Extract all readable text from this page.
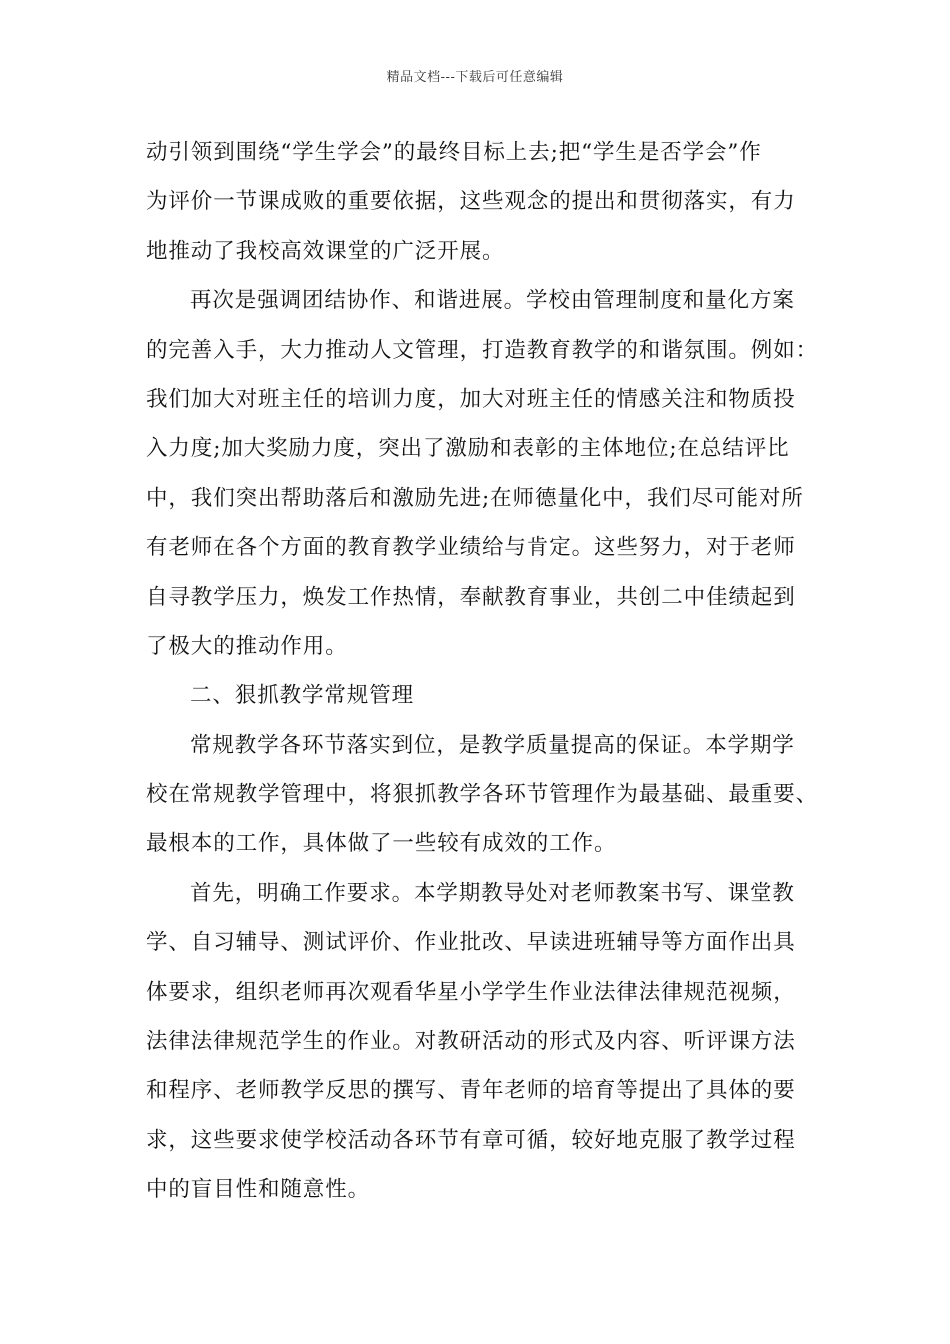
精品文档---下载后可任意编辑
动引领到围绕“学生学会”的最终目标上去;把“学生是否学会”作
为评价一节课成败的重要依据，这些观念的提出和贯彻落实，有力
地推动了我校高效课堂的广泛开展。
再次是强调团结协作、和谐进展。学校由管理制度和量化方案
的完善入手，大力推动人文管理，打造教育教学的和谐氛围。例如：
我们加大对班主任的培训力度，加大对班主任的情感关注和物质投
入力度;加大奖励力度，突出了激励和表彰的主体地位;在总结评比
中，我们突出帮助落后和激励先进;在师德量化中，我们尽可能对所
有老师在各个方面的教育教学业绩给与肯定。这些努力，对于老师
自寻教学压力，焕发工作热情，奉献教育事业，共创二中佳绩起到
了极大的推动作用。
二、狠抓教学常规管理
常规教学各环节落实到位，是教学质量提高的保证。本学期学
校在常规教学管理中，将狠抓教学各环节管理作为最基础、最重要、
最根本的工作，具体做了一些较有成效的工作。
首先，明确工作要求。本学期教导处对老师教案书写、课堂教
学、自习辅导、测试评价、作业批改、早读进班辅导等方面作出具
体要求，组织老师再次观看华星小学学生作业法律法律规范视频，
法律法律规范学生的作业。对教研活动的形式及内容、听评课方法
和程序、老师教学反思的撰写、青年老师的培育等提出了具体的要
求，这些要求使学校活动各环节有章可循，较好地克服了教学过程
中的盲目性和随意性。
